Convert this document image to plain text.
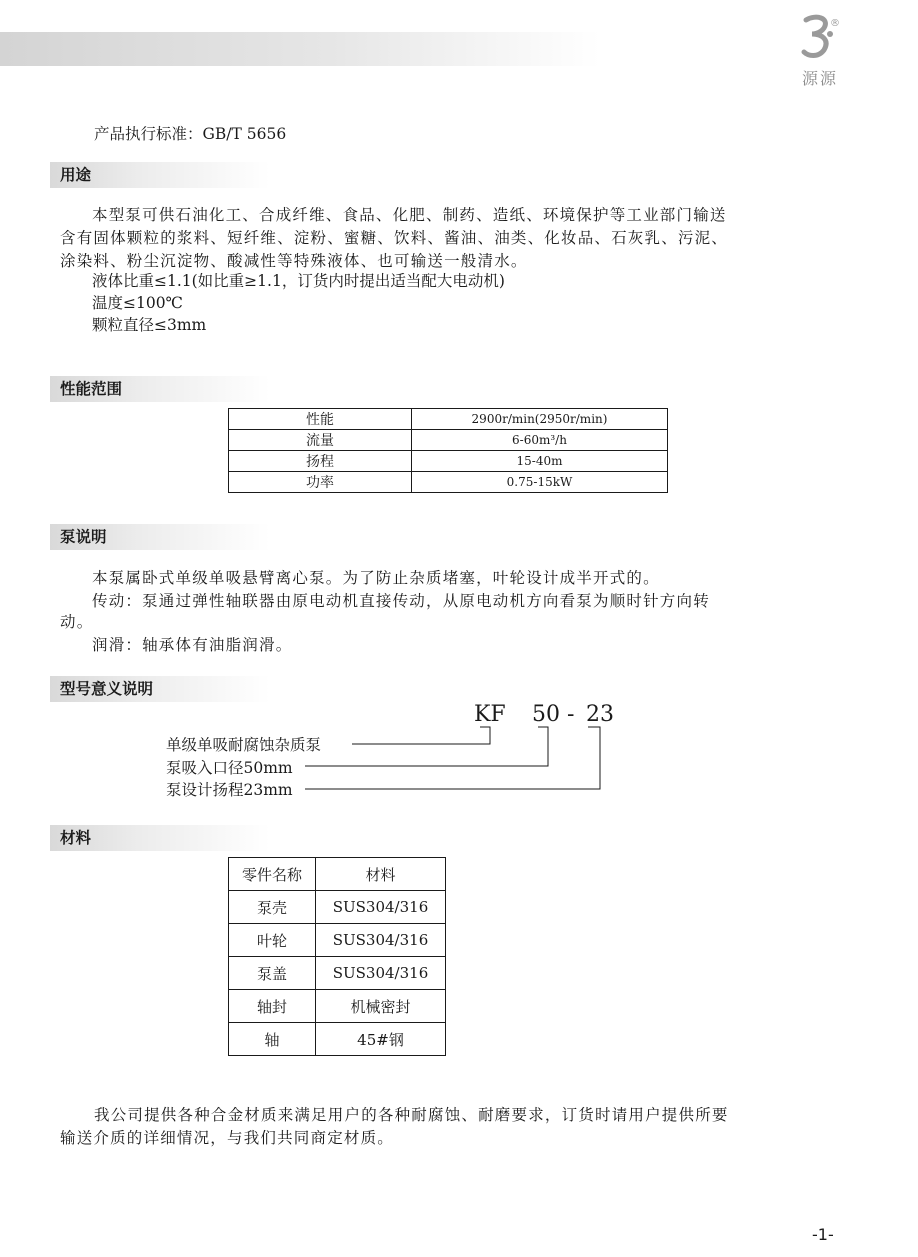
®
源源
产品执行标准：GB/T 5656
用途
本型泵可供石油化工、合成纤维、食品、化肥、制药、造纸、环境保护等工业部门输送
含有固体颗粒的浆料、短纤维、淀粉、蜜糖、饮料、酱油、油类、化妆品、石灰乳、污泥、
涂染料、粉尘沉淀物、酸减性等特殊液体、也可输送一般清水。
液体比重≤1.1(如比重≥1.1，订货内时提出适当配大电动机)
温度≤100℃
颗粒直径≤3mm
性能范围
性能	2900r/min(2950r/min)
流量	6-60m³/h
扬程	15-40m
功率	0.75-15kW
泵说明
本泵属卧式单级单吸悬臂离心泵。为了防止杂质堵塞，叶轮设计成半开式的。
传动：泵通过弹性轴联器由原电动机直接传动，从原电动机方向看泵为顺时针方向转
动。
润滑：轴承体有油脂润滑。
型号意义说明
KF 50 - 23
单级单吸耐腐蚀杂质泵
泵吸入口径50mm
泵设计扬程23mm
材料
零件名称	材料
泵壳	SUS304/316
叶轮	SUS304/316
泵盖	SUS304/316
轴封	机械密封
轴	45#钢
我公司提供各种合金材质来满足用户的各种耐腐蚀、耐磨要求，订货时请用户提供所要
输送介质的详细情况，与我们共同商定材质。
-1-
